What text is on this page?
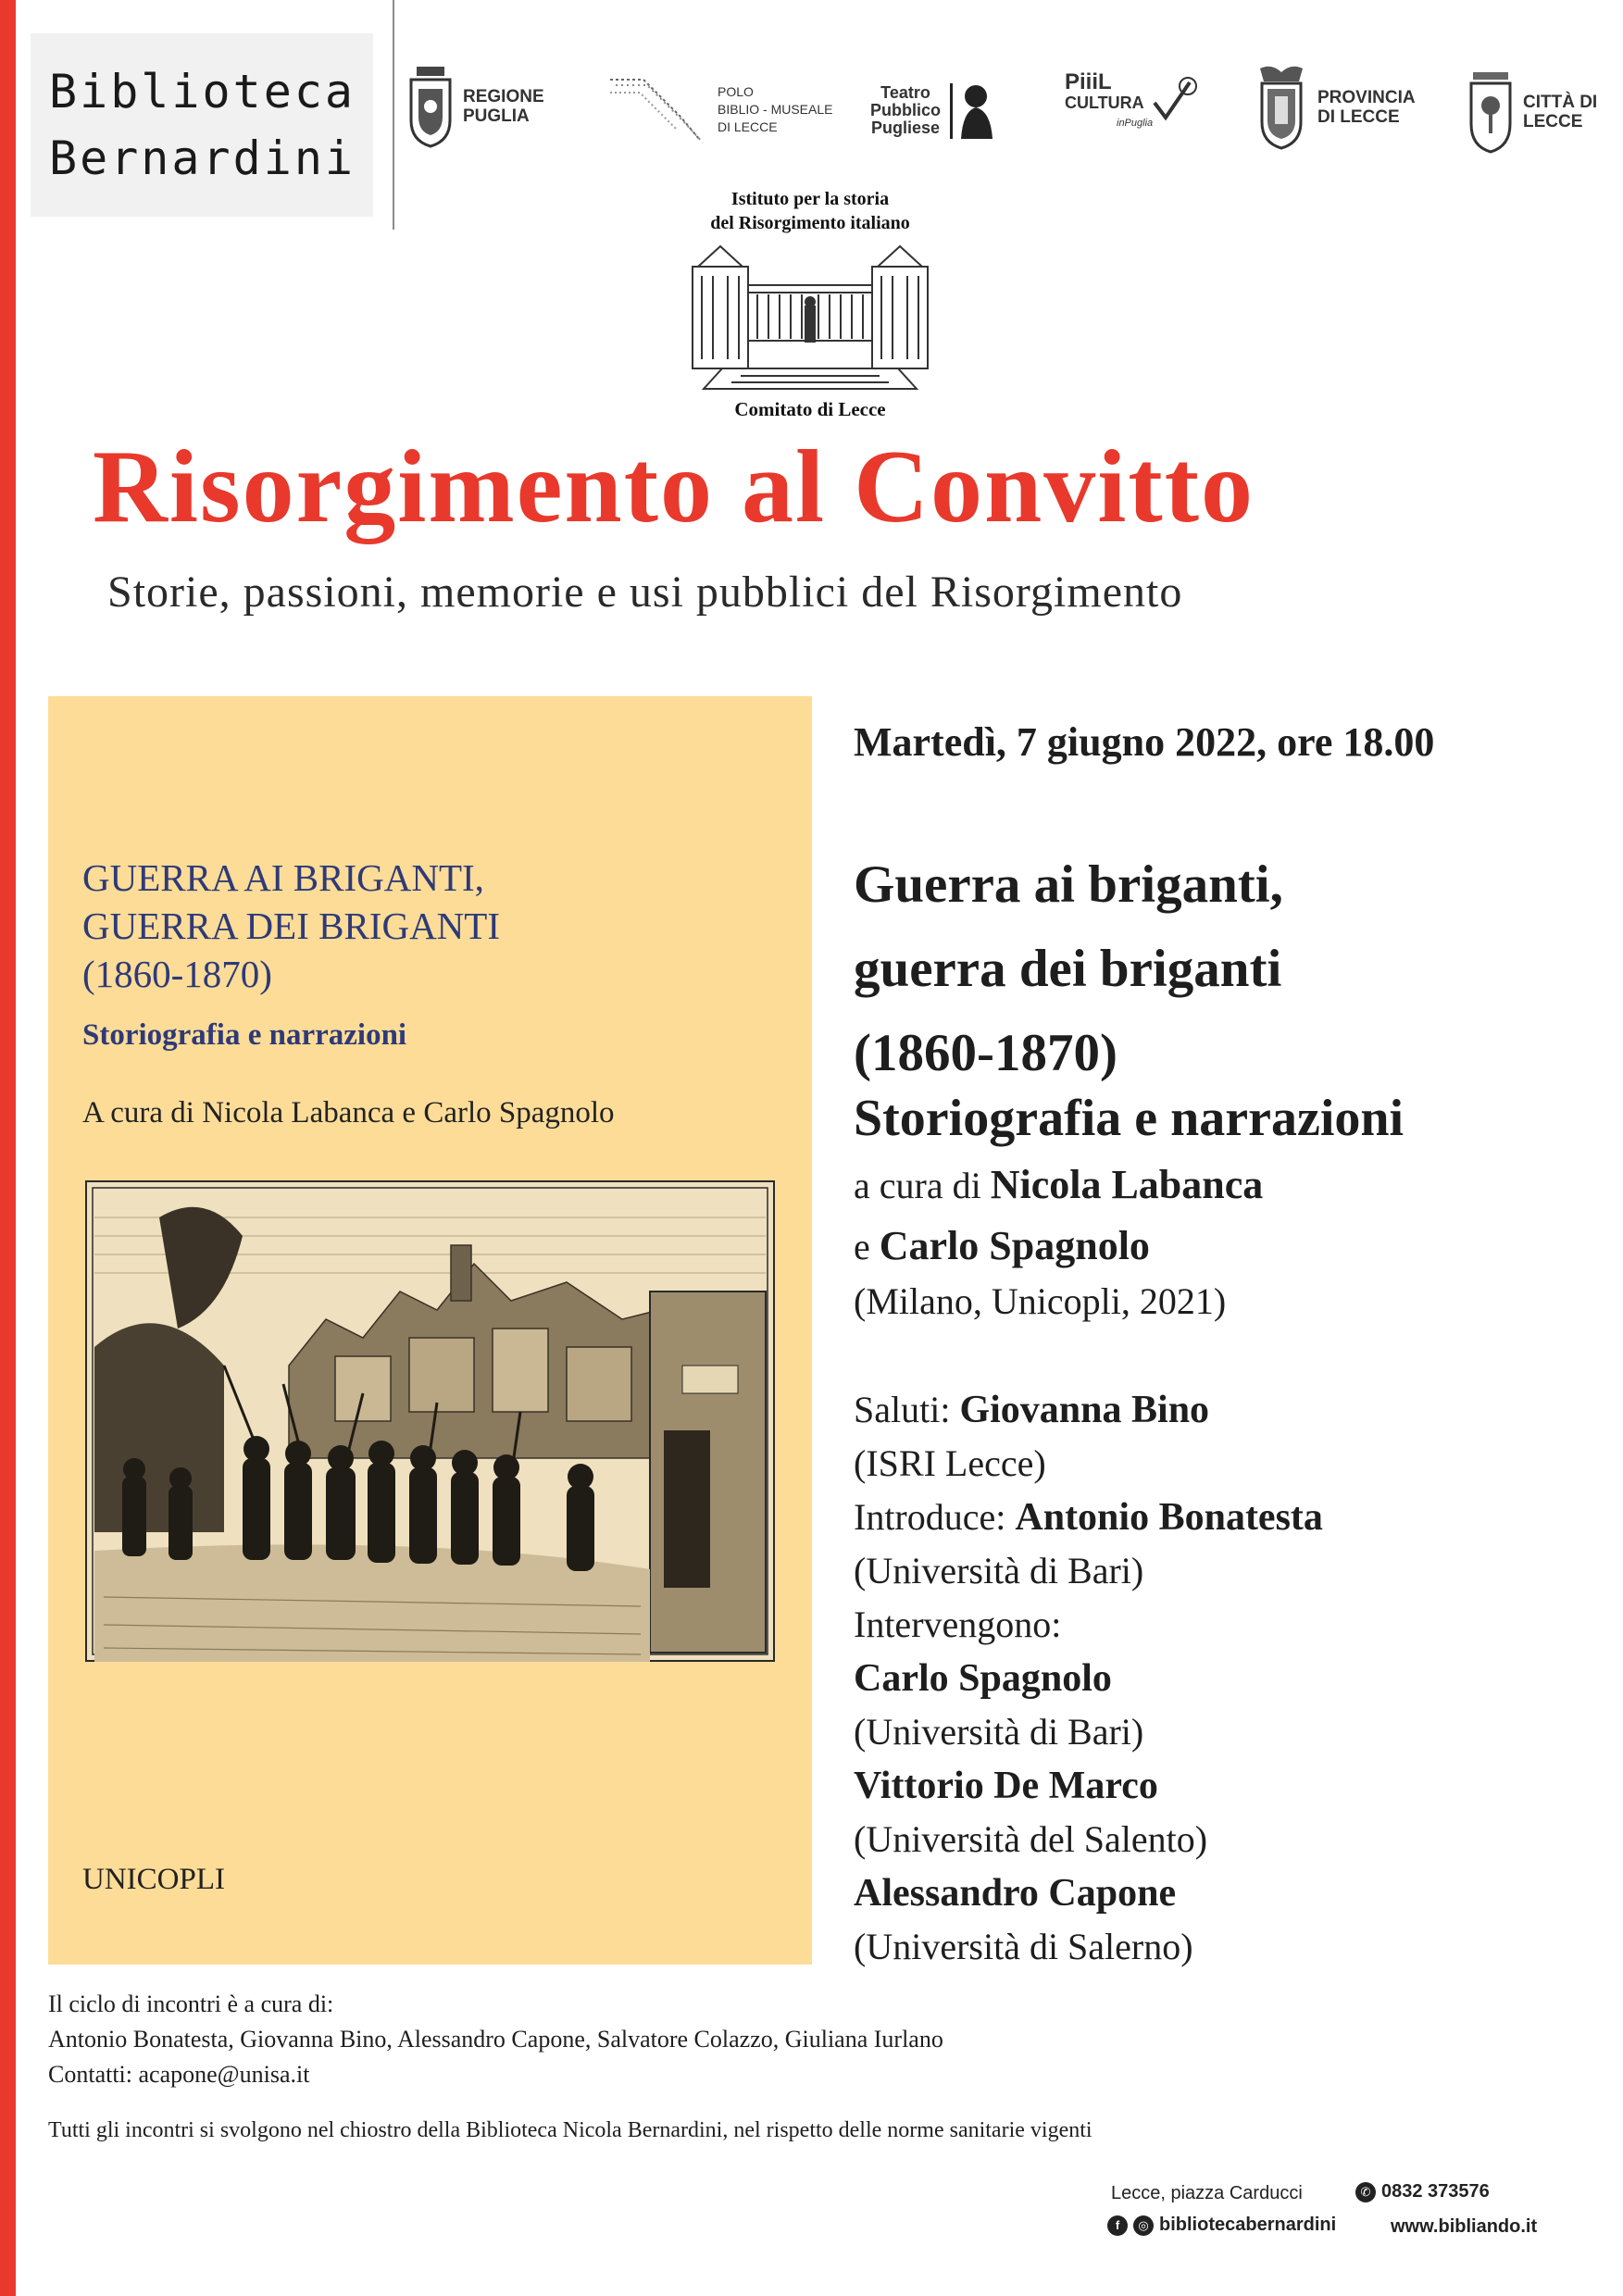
Biblioteca
Bernardini
REGIONE
PUGLIA
POLO
BIBLIO - MUSEALE
DI LECCE
Teatro
Pubblico
Pugliese
PiiiL
CULTURA
inPuglia
PROVINCIA
DI LECCE
CITTÀ DI
LECCE
Istituto per la storia
del Risorgimento italiano
Comitato di Lecce
Risorgimento al Convitto
Storie, passioni, memorie e usi pubblici del Risorgimento
GUERRA AI BRIGANTI,
GUERRA DEI BRIGANTI
(1860-1870)
Storiografia e narrazioni
A cura di Nicola Labanca e Carlo Spagnolo
UNICOPLI
Martedì, 7 giugno 2022, ore 18.00
Guerra ai briganti,
guerra dei briganti
(1860-1870)
Storiografia e narrazioni
a cura di Nicola Labanca
e Carlo Spagnolo
(Milano, Unicopli, 2021)
Saluti: Giovanna Bino
(ISRI Lecce)
Introduce: Antonio Bonatesta
(Università di Bari)
Intervengono:
Carlo Spagnolo
(Università di Bari)
Vittorio De Marco
(Università del Salento)
Alessandro Capone
(Università di Salerno)
Il ciclo di incontri è a cura di:
Antonio Bonatesta, Giovanna Bino, Alessandro Capone, Salvatore Colazzo, Giuliana Iurlano
Contatti: acapone@unisa.it
Tutti gli incontri si svolgono nel chiostro della Biblioteca Nicola Bernardini, nel rispetto delle norme sanitarie vigenti
Lecce, piazza Carducci	✆ 0832 373576
f	◎ bibliotecabernardini	www.bibliando.it
